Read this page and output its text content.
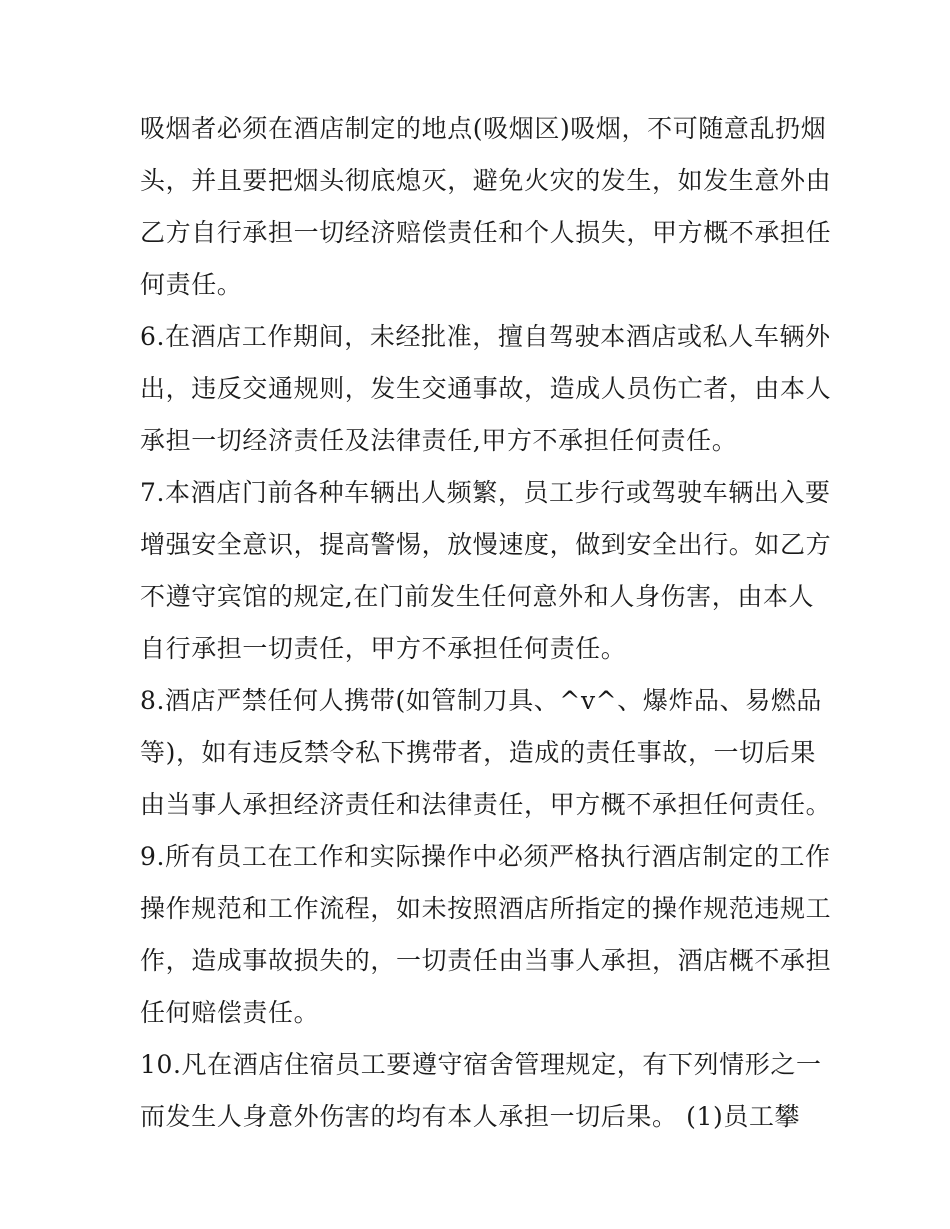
吸烟者必须在酒店制定的地点(吸烟区)吸烟，不可随意乱扔烟

头，并且要把烟头彻底熄灭，避免火灾的发生，如发生意外由

乙方自行承担一切经济赔偿责任和个人损失，甲方概不承担任

何责任。

6.在酒店工作期间，未经批准，擅自驾驶本酒店或私人车辆外

出，违反交通规则，发生交通事故，造成人员伤亡者，由本人

承担一切经济责任及法律责任,甲方不承担任何责任。

7.本酒店门前各种车辆出人频繁，员工步行或驾驶车辆出入要

增强安全意识，提高警惕，放慢速度，做到安全出行。如乙方

不遵守宾馆的规定,在门前发生任何意外和人身伤害，由本人

自行承担一切责任，甲方不承担任何责任。

8.酒店严禁任何人携带(如管制刀具、^v^、爆炸品、易燃品

等)，如有违反禁令私下携带者，造成的责任事故，一切后果

由当事人承担经济责任和法律责任，甲方概不承担任何责任。

9.所有员工在工作和实际操作中必须严格执行酒店制定的工作

操作规范和工作流程，如未按照酒店所指定的操作规范违规工

作，造成事故损失的，一切责任由当事人承担，酒店概不承担

任何赔偿责任。

10.凡在酒店住宿员工要遵守宿舍管理规定，有下列情形之一

而发生人身意外伤害的均有本人承担一切后果。 (1)员工攀
